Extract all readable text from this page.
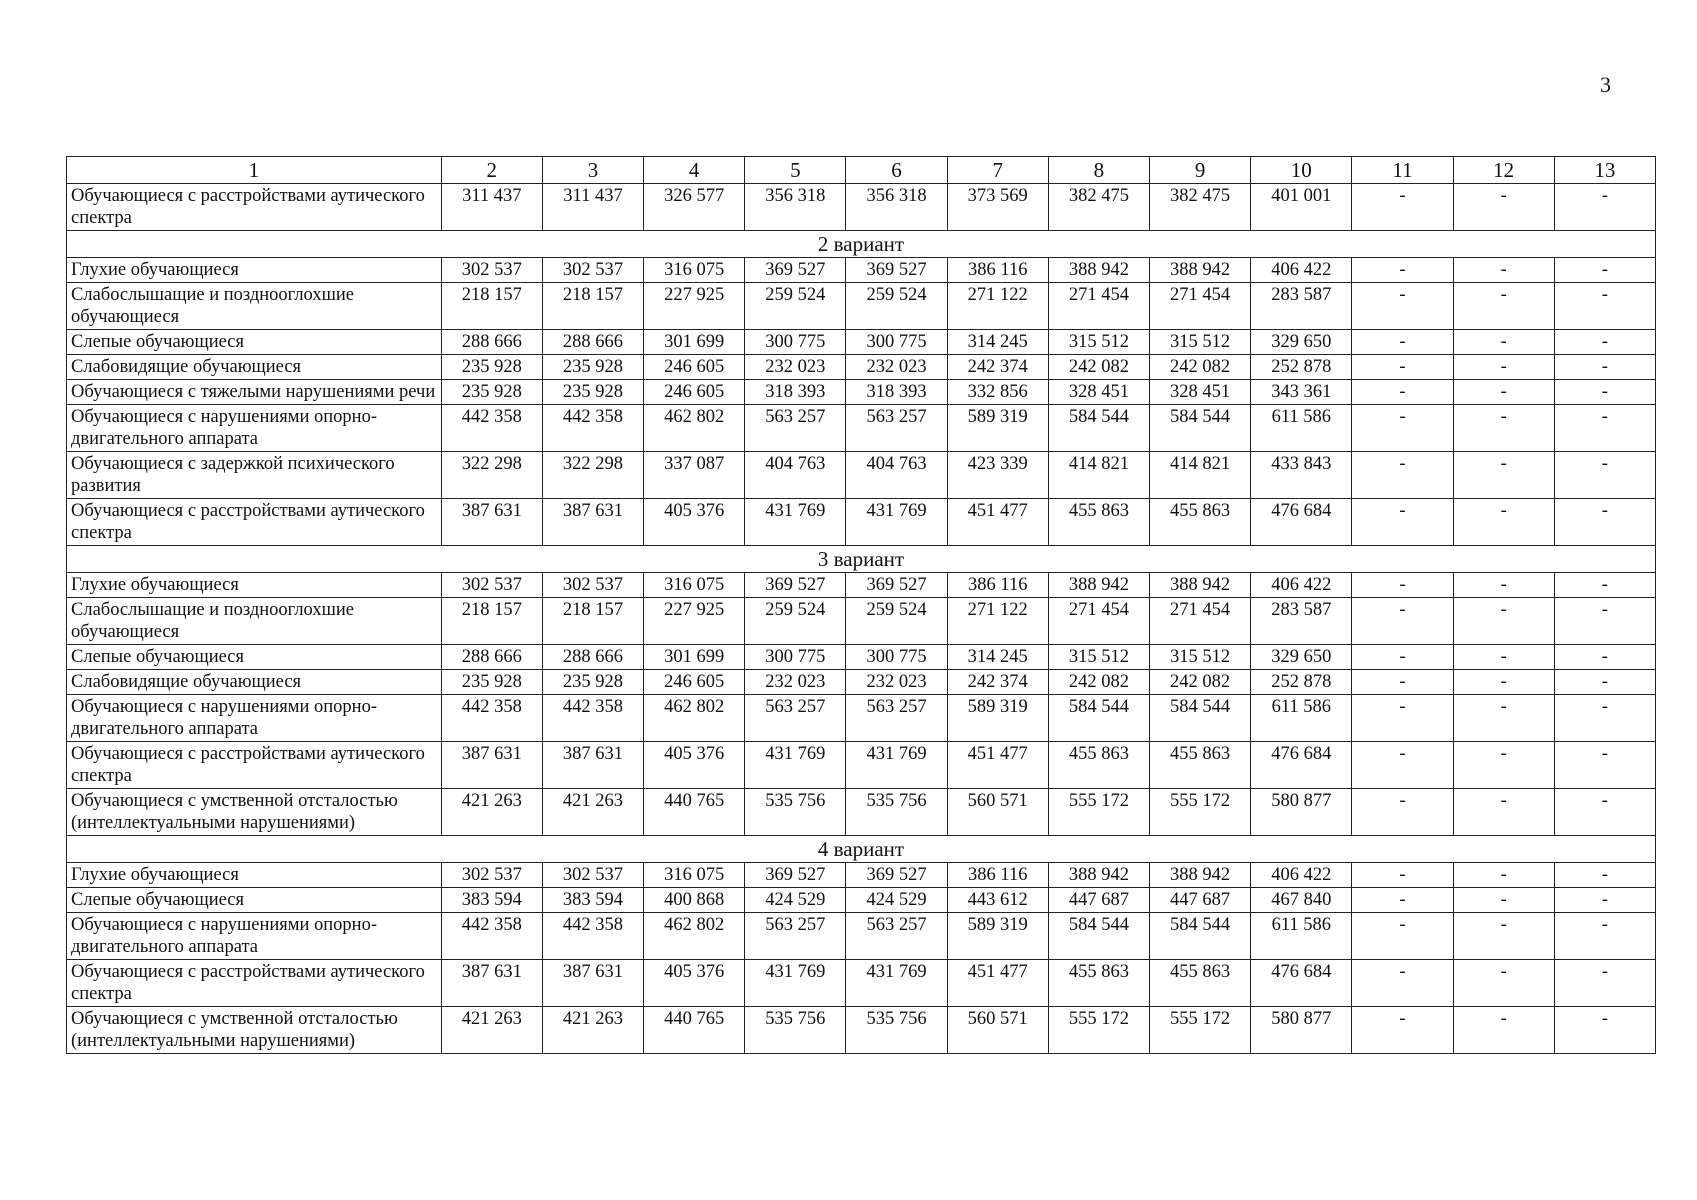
3
1	2	3	4	5	6	7	8	9	10	11	12	13
Обучающиеся с расстройствами аутического спектра	311 437	311 437	326 577	356 318	356 318	373 569	382 475	382 475	401 001	-	-	-
2 вариант												
Глухие обучающиеся	302 537	302 537	316 075	369 527	369 527	386 116	388 942	388 942	406 422	-	-	-
Слабослышащие и позднооглохшие обучающиеся	218 157	218 157	227 925	259 524	259 524	271 122	271 454	271 454	283 587	-	-	-
Слепые обучающиеся	288 666	288 666	301 699	300 775	300 775	314 245	315 512	315 512	329 650	-	-	-
Слабовидящие обучающиеся	235 928	235 928	246 605	232 023	232 023	242 374	242 082	242 082	252 878	-	-	-
Обучающиеся с тяжелыми нарушениями речи	235 928	235 928	246 605	318 393	318 393	332 856	328 451	328 451	343 361	-	-	-
Обучающиеся с нарушениями опорно-двигательного аппарата	442 358	442 358	462 802	563 257	563 257	589 319	584 544	584 544	611 586	-	-	-
Обучающиеся с задержкой психического развития	322 298	322 298	337 087	404 763	404 763	423 339	414 821	414 821	433 843	-	-	-
Обучающиеся с расстройствами аутического спектра	387 631	387 631	405 376	431 769	431 769	451 477	455 863	455 863	476 684	-	-	-
3 вариант												
Глухие обучающиеся	302 537	302 537	316 075	369 527	369 527	386 116	388 942	388 942	406 422	-	-	-
Слабослышащие и позднооглохшие обучающиеся	218 157	218 157	227 925	259 524	259 524	271 122	271 454	271 454	283 587	-	-	-
Слепые обучающиеся	288 666	288 666	301 699	300 775	300 775	314 245	315 512	315 512	329 650	-	-	-
Слабовидящие обучающиеся	235 928	235 928	246 605	232 023	232 023	242 374	242 082	242 082	252 878	-	-	-
Обучающиеся с нарушениями опорно-двигательного аппарата	442 358	442 358	462 802	563 257	563 257	589 319	584 544	584 544	611 586	-	-	-
Обучающиеся с расстройствами аутического спектра	387 631	387 631	405 376	431 769	431 769	451 477	455 863	455 863	476 684	-	-	-
Обучающиеся с умственной отсталостью (интеллектуальными нарушениями)	421 263	421 263	440 765	535 756	535 756	560 571	555 172	555 172	580 877	-	-	-
4 вариант												
Глухие обучающиеся	302 537	302 537	316 075	369 527	369 527	386 116	388 942	388 942	406 422	-	-	-
Слепые обучающиеся	383 594	383 594	400 868	424 529	424 529	443 612	447 687	447 687	467 840	-	-	-
Обучающиеся с нарушениями опорно-двигательного аппарата	442 358	442 358	462 802	563 257	563 257	589 319	584 544	584 544	611 586	-	-	-
Обучающиеся с расстройствами аутического спектра	387 631	387 631	405 376	431 769	431 769	451 477	455 863	455 863	476 684	-	-	-
Обучающиеся с умственной отсталостью (интеллектуальными нарушениями)	421 263	421 263	440 765	535 756	535 756	560 571	555 172	555 172	580 877	-	-	-
